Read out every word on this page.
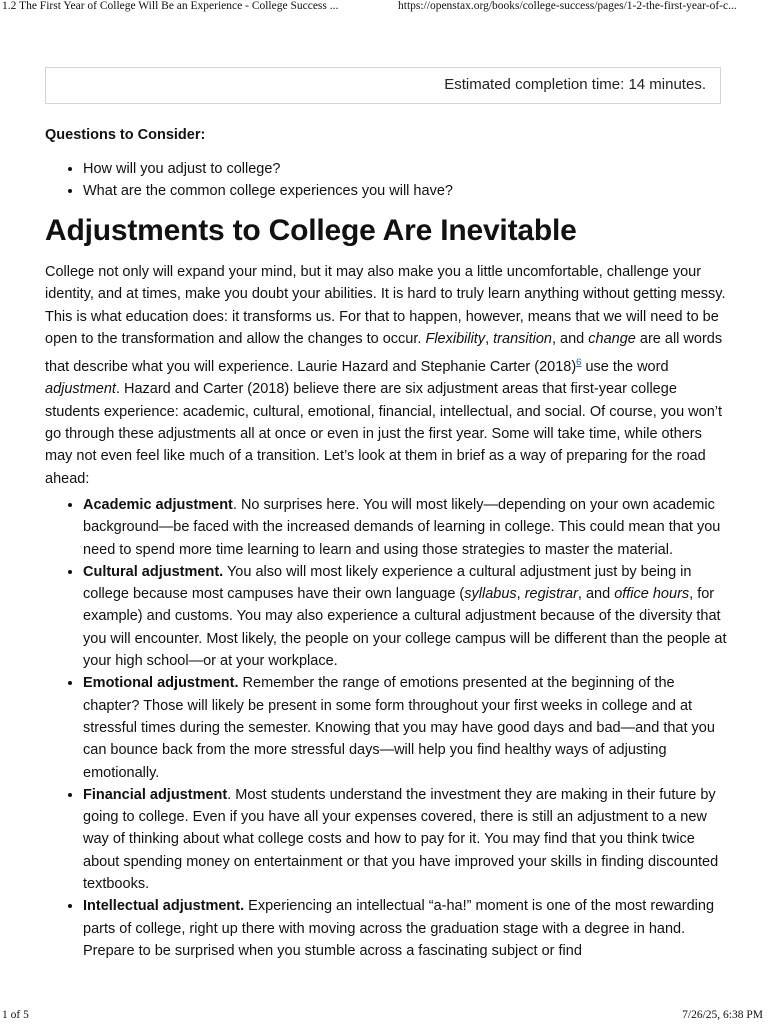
1.2 The First Year of College Will Be an Experience - College Success ...	https://openstax.org/books/college-success/pages/1-2-the-first-year-of-c...
Estimated completion time: 14 minutes.

Questions to Consider:

• How will you adjust to college?
• What are the common college experiences you will have?
Adjustments to College Are Inevitable

College not only will expand your mind, but it may also make you a little uncomfortable, challenge your identity, and at times, make you doubt your abilities. It is hard to truly learn anything without getting messy. This is what education does: it transforms us. For that to happen, however, means that we will need to be open to the transformation and allow the changes to occur. Flexibility, transition, and change are all words that describe what you will experience. Laurie Hazard and Stephanie Carter (2018)$^6$ use the word adjustment. Hazard and Carter (2018) believe there are six adjustment areas that first-year college students experience: academic, cultural, emotional, financial, intellectual, and social. Of course, you won’t go through these adjustments all at once or even in just the first year. Some will take time, while others may not even feel like much of a transition. Let’s look at them in brief as a way of preparing for the road ahead:

• Academic adjustment. No surprises here. You will most likely—depending on your own academic background—be faced with the increased demands of learning in college. This could mean that you need to spend more time learning to learn and using those strategies to master the material.
• Cultural adjustment. You also will most likely experience a cultural adjustment just by being in college because most campuses have their own language (syllabus, registrar, and office hours, for example) and customs. You may also experience a cultural adjustment because of the diversity that you will encounter. Most likely, the people on your college campus will be different than the people at your high school—or at your workplace.
• Emotional adjustment. Remember the range of emotions presented at the beginning of the chapter? Those will likely be present in some form throughout your first weeks in college and at stressful times during the semester. Knowing that you may have good days and bad—and that you can bounce back from the more stressful days—will help you find healthy ways of adjusting emotionally.
• Financial adjustment. Most students understand the investment they are making in their future by going to college. Even if you have all your expenses covered, there is still an adjustment to a new way of thinking about what college costs and how to pay for it. You may find that you think twice about spending money on entertainment or that you have improved your skills in finding discounted textbooks.
• Intellectual adjustment. Experiencing an intellectual “a-ha!” moment is one of the most rewarding parts of college, right up there with moving across the graduation stage with a degree in hand. Prepare to be surprised when you stumble across a fascinating subject or find
1 of 5	7/26/25, 6:38 PM
